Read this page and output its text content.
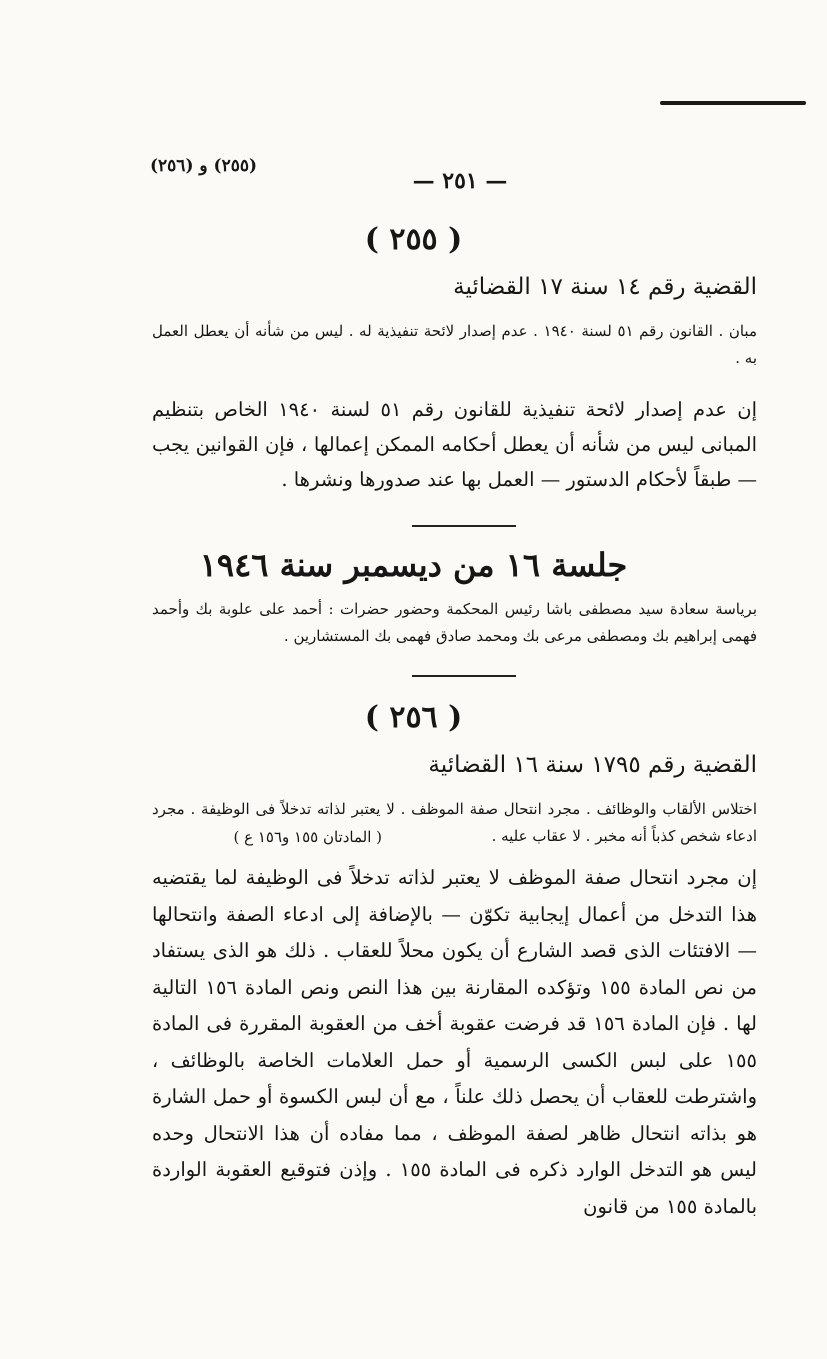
— ٢٥١ —
(٢٥٥) و (٢٥٦)
( ٢٥٥ )
القضية رقم ١٤ سنة ١٧ القضائية
مبان . القانون رقم ٥١ لسنة ١٩٤٠ . عدم إصدار لائحة تنفيذية له . ليس من شأنه أن يعطل العمل به .
إن عدم إصدار لائحة تنفيذية للقانون رقم ٥١ لسنة ١٩٤٠ الخاص بتنظيم المبانى ليس من شأنه أن يعطل أحكامه الممكن إعمالها ، فإن القوانين يجب — طبقاً لأحكام الدستور — العمل بها عند صدورها ونشرها .
جلسة ١٦ من ديسمبر سنة ١٩٤٦
برياسة سعادة سيد مصطفى باشا رئيس المحكمة وحضور حضرات : أحمد على علوبة بك وأحمد فهمى إبراهيم بك ومصطفى مرعى بك ومحمد صادق فهمى بك المستشارين .
( ٢٥٦ )
القضية رقم ١٧٩٥ سنة ١٦ القضائية
اختلاس الألقاب والوظائف . مجرد انتحال صفة الموظف . لا يعتبر لذاته تدخلاً فى الوظيفة . مجرد ادعاء شخص كذباً أنه مخبر . لا عقاب عليه .
( المادتان ١٥٥ و١٥٦ ع )
إن مجرد انتحال صفة الموظف لا يعتبر لذاته تدخلاً فى الوظيفة لما يقتضيه هذا التدخل من أعمال إيجابية تكوّن — بالإضافة إلى ادعاء الصفة وانتحالها — الافتئات الذى قصد الشارع أن يكون محلاً للعقاب . ذلك هو الذى يستفاد من نص المادة ١٥٥ وتؤكده المقارنة بين هذا النص ونص المادة ١٥٦ التالية لها . فإن المادة ١٥٦ قد فرضت عقوبة أخف من العقوبة المقررة فى المادة ١٥٥ على لبس الكسى الرسمية أو حمل العلامات الخاصة بالوظائف ، واشترطت للعقاب أن يحصل ذلك علناً ، مع أن لبس الكسوة أو حمل الشارة هو بذاته انتحال ظاهر لصفة الموظف ، مما مفاده أن هذا الانتحال وحده ليس هو التدخل الوارد ذكره فى المادة ١٥٥ . وإذن فتوقيع العقوبة الواردة بالمادة ١٥٥ من قانون
